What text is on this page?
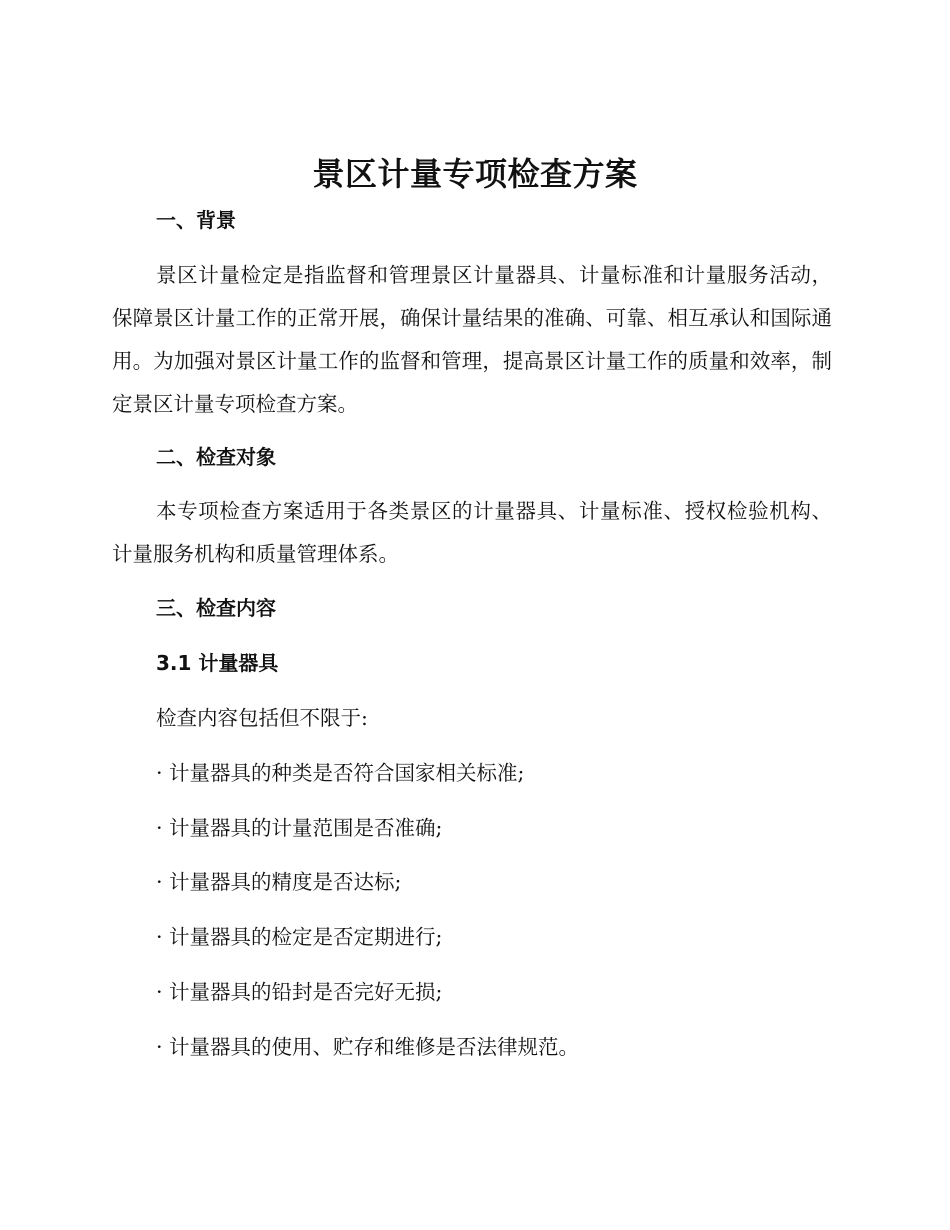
景区计量专项检查方案
一、背景
景区计量检定是指监督和管理景区计量器具、计量标准和计量服务活动，保障景区计量工作的正常开展，确保计量结果的准确、可靠、相互承认和国际通用。为加强对景区计量工作的监督和管理，提高景区计量工作的质量和效率，制定景区计量专项检查方案。
二、检查对象
本专项检查方案适用于各类景区的计量器具、计量标准、授权检验机构、计量服务机构和质量管理体系。
三、检查内容
3.1 计量器具
检查内容包括但不限于:
· 计量器具的种类是否符合国家相关标准;
· 计量器具的计量范围是否准确;
· 计量器具的精度是否达标;
· 计量器具的检定是否定期进行;
· 计量器具的铅封是否完好无损;
· 计量器具的使用、贮存和维修是否法律规范。
